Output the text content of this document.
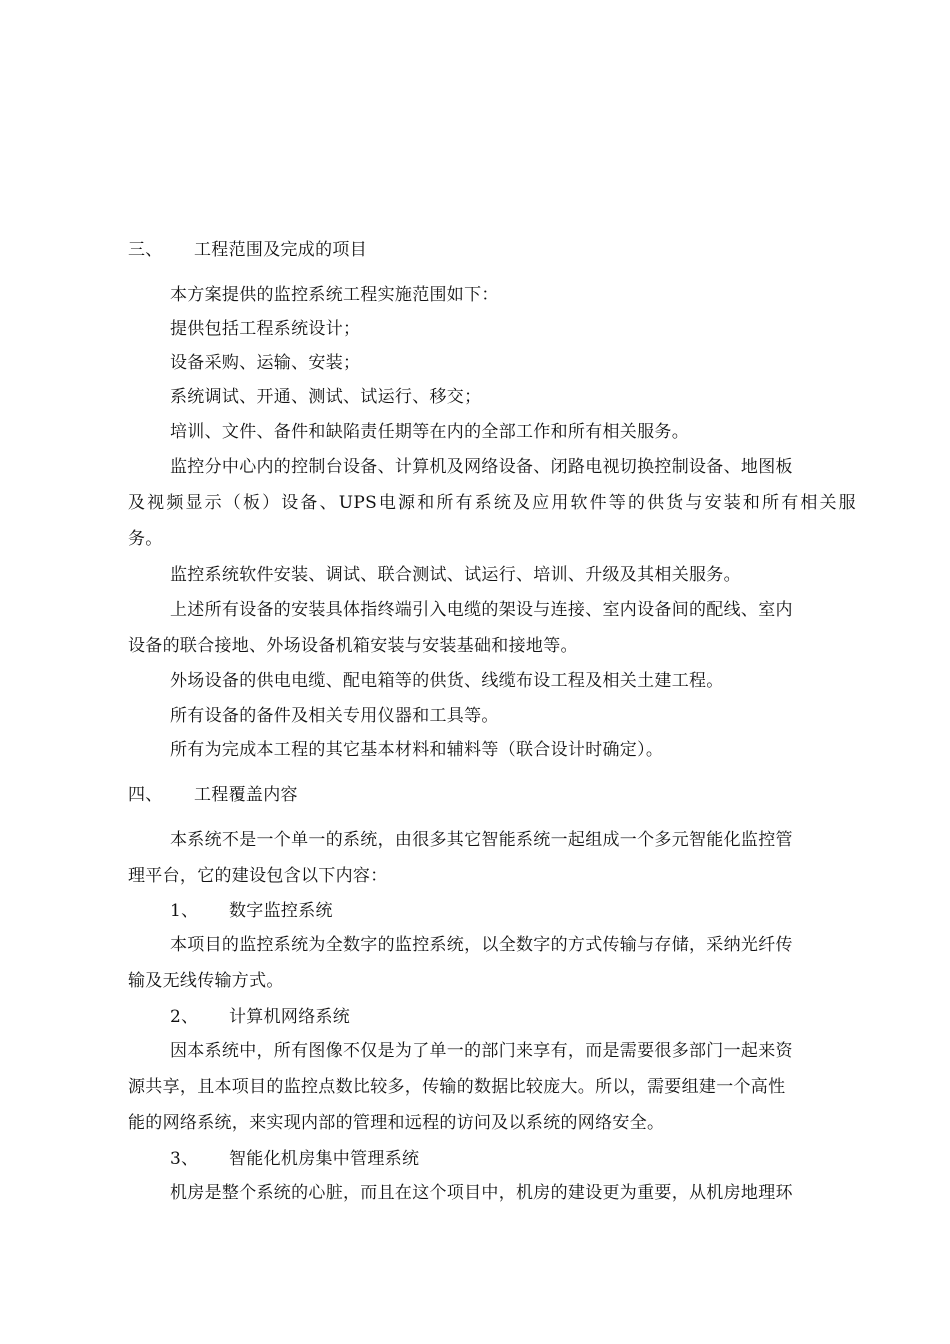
三、 工程范围及完成的项目
本方案提供的监控系统工程实施范围如下：
提供包括工程系统设计；
设备采购、运输、安装；
系统调试、开通、测试、试运行、移交；
培训、文件、备件和缺陷责任期等在内的全部工作和所有相关服务。
监控分中心内的控制台设备、计算机及网络设备、闭路电视切换控制设备、地图板
及视频显示（板）设备、UPS电源和所有系统及应用软件等的供货与安装和所有相关服
务。
监控系统软件安装、调试、联合测试、试运行、培训、升级及其相关服务。
上述所有设备的安装具体指终端引入电缆的架设与连接、室内设备间的配线、室内
设备的联合接地、外场设备机箱安装与安装基础和接地等。
外场设备的供电电缆、配电箱等的供货、线缆布设工程及相关土建工程。
所有设备的备件及相关专用仪器和工具等。
所有为完成本工程的其它基本材料和辅料等（联合设计时确定）。
四、 工程覆盖内容
本系统不是一个单一的系统，由很多其它智能系统一起组成一个多元智能化监控管
理平台，它的建设包含以下内容：
1、 数字监控系统
本项目的监控系统为全数字的监控系统，以全数字的方式传输与存储，采纳光纤传
输及无线传输方式。
2、 计算机网络系统
因本系统中，所有图像不仅是为了单一的部门来享有，而是需要很多部门一起来资
源共享，且本项目的监控点数比较多，传输的数据比较庞大。所以，需要组建一个高性
能的网络系统，来实现内部的管理和远程的访问及以系统的网络安全。
3、 智能化机房集中管理系统
机房是整个系统的心脏，而且在这个项目中，机房的建设更为重要，从机房地理环
